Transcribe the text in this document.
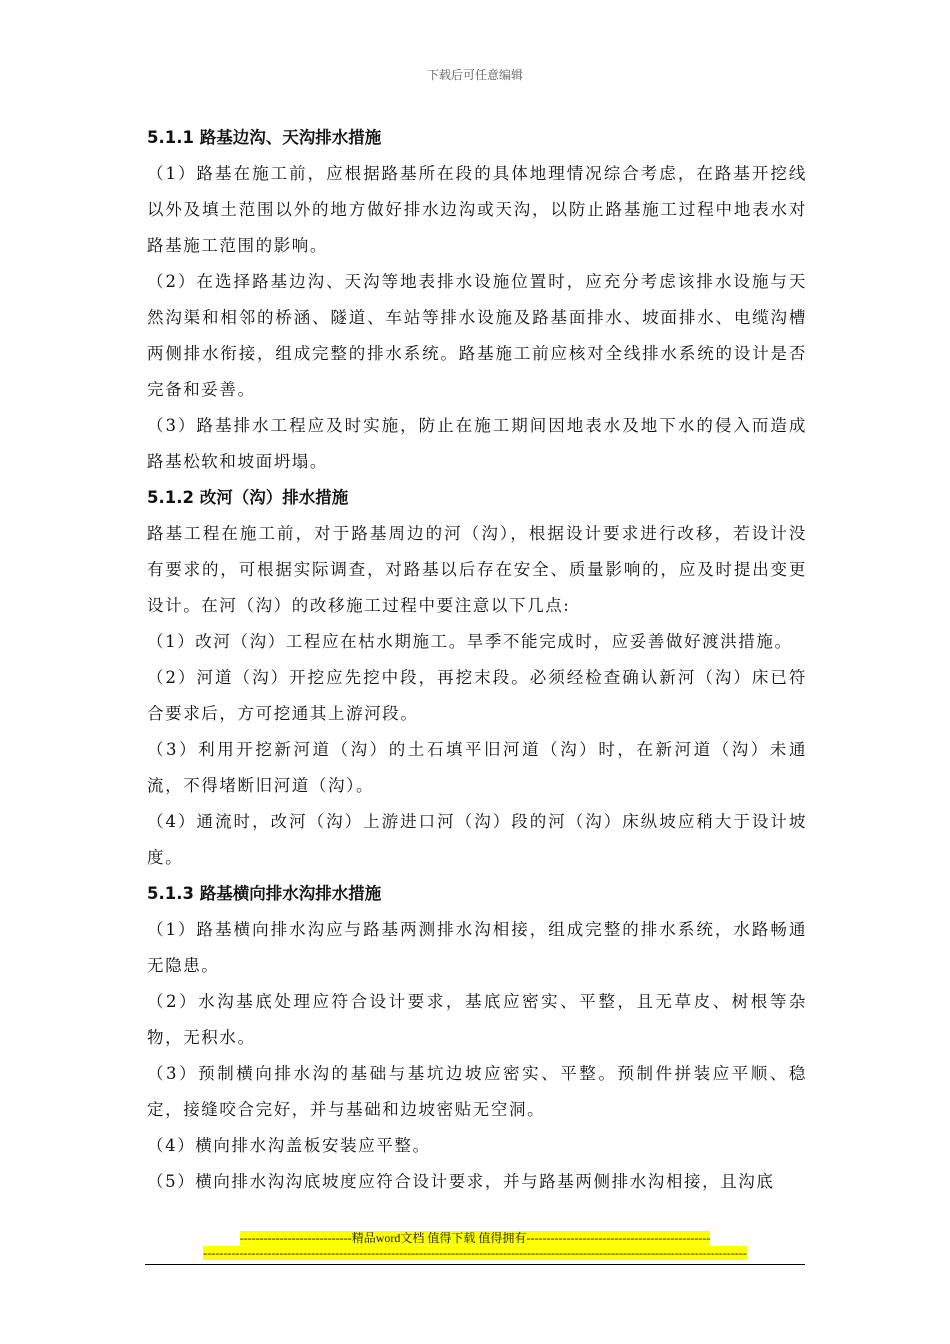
下载后可任意编辑
5.1.1 路基边沟、天沟排水措施

（1）路基在施工前，应根据路基所在段的具体地理情况综合考虑，在路基开挖线以外及填土范围以外的地方做好排水边沟或天沟，以防止路基施工过程中地表水对路基施工范围的影响。

（2）在选择路基边沟、天沟等地表排水设施位置时，应充分考虑该排水设施与天然沟渠和相邻的桥涵、隧道、车站等排水设施及路基面排水、坡面排水、电缆沟槽两侧排水衔接，组成完整的排水系统。路基施工前应核对全线排水系统的设计是否完备和妥善。

（3）路基排水工程应及时实施，防止在施工期间因地表水及地下水的侵入而造成路基松软和坡面坍塌。

5.1.2 改河（沟）排水措施

路基工程在施工前，对于路基周边的河（沟），根据设计要求进行改移，若设计没有要求的，可根据实际调查，对路基以后存在安全、质量影响的，应及时提出变更设计。在河（沟）的改移施工过程中要注意以下几点:

（1）改河（沟）工程应在枯水期施工。旱季不能完成时，应妥善做好渡洪措施。

（2）河道（沟）开挖应先挖中段，再挖末段。必须经检查确认新河（沟）床已符合要求后，方可挖通其上游河段。

（3）利用开挖新河道（沟）的土石填平旧河道（沟）时，在新河道（沟）未通流，不得堵断旧河道（沟）。

（4）通流时，改河（沟）上游进口河（沟）段的河（沟）床纵坡应稍大于设计坡度。

5.1.3 路基横向排水沟排水措施

（1）路基横向排水沟应与路基两测排水沟相接，组成完整的排水系统，水路畅通无隐患。

（2）水沟基底处理应符合设计要求，基底应密实、平整，且无草皮、树根等杂物，无积水。

（3）预制横向排水沟的基础与基坑边坡应密实、平整。预制件拼装应平顺、稳定，接缝咬合完好，并与基础和边坡密贴无空洞。

（4）横向排水沟盖板安装应平整。

（5）横向排水沟沟底坡度应符合设计要求，并与路基两侧排水沟相接，且沟底

----------------------------精品word文档 值得下载 值得拥有----------------------------------------------
----------------------------------------------------------------------------------------------------------------------------------------
